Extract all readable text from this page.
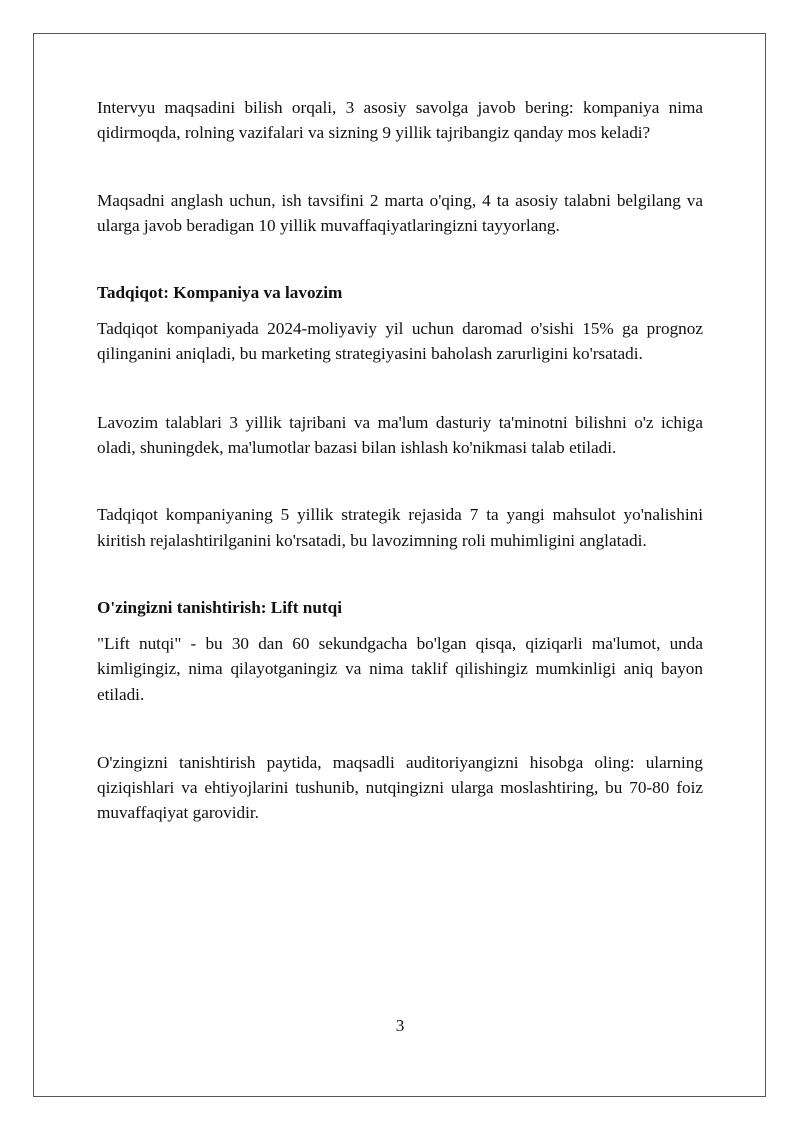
Intervyu maqsadini bilish orqali, 3 asosiy savolga javob bering: kompaniya nima qidirmoqda, rolning vazifalari va sizning 9 yillik tajribangiz qanday mos keladi?

Maqsadni anglash uchun, ish tavsifini 2 marta o'qing, 4 ta asosiy talabni belgilang va ularga javob beradigan 10 yillik muvaffaqiyatlaringizni tayyorlang.

Tadqiqot: Kompaniya va lavozim

Tadqiqot kompaniyada 2024-moliyaviy yil uchun daromad o'sishi 15% ga prognoz qilinganini aniqladi, bu marketing strategiyasini baholash zarurligini ko'rsatadi.

Lavozim talablari 3 yillik tajribani va ma'lum dasturiy ta'minotni bilishni o'z ichiga oladi, shuningdek, ma'lumotlar bazasi bilan ishlash ko'nikmasi talab etiladi.

Tadqiqot kompaniyaning 5 yillik strategik rejasida 7 ta yangi mahsulot yo'nalishini kiritish rejalashtirilganini ko'rsatadi, bu lavozimning roli muhimligini anglatadi.

O'zingizni tanishtirish: Lift nutqi

"Lift nutqi" - bu 30 dan 60 sekundgacha bo'lgan qisqa, qiziqarli ma'lumot, unda kimligingiz, nima qilayotganingiz va nima taklif qilishingiz mumkinligi aniq bayon etiladi.

O'zingizni tanishtirish paytida, maqsadli auditoriyangizni hisobga oling: ularning qiziqishlari va ehtiyojlarini tushunib, nutqingizni ularga moslashtiring, bu 70-80 foiz muvaffaqiyat garovidir.

3
